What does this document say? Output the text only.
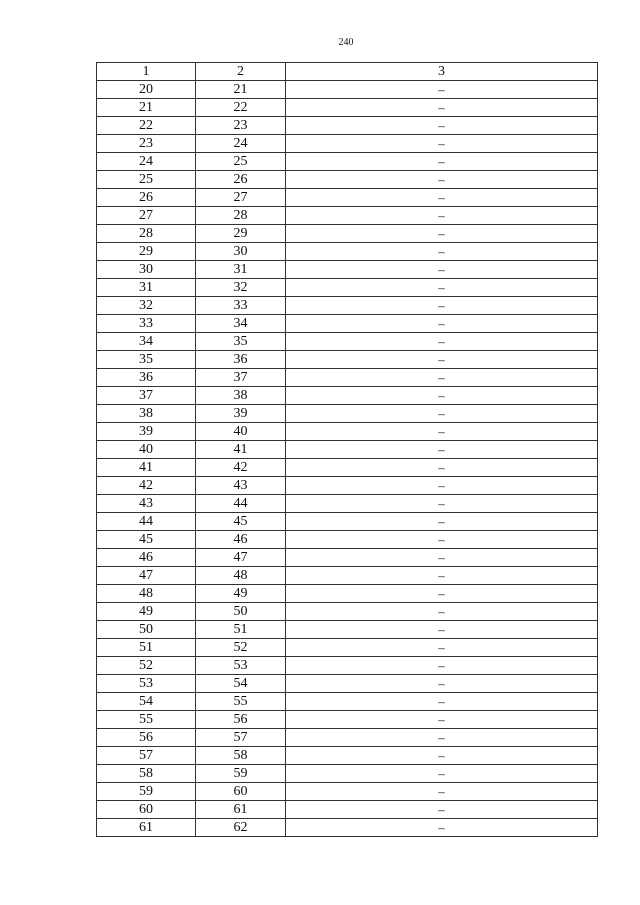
240
1	2	3
20	21	–
21	22	–
22	23	–
23	24	–
24	25	–
25	26	–
26	27	–
27	28	–
28	29	–
29	30	–
30	31	–
31	32	–
32	33	–
33	34	–
34	35	–
35	36	–
36	37	–
37	38	–
38	39	–
39	40	–
40	41	–
41	42	–
42	43	–
43	44	–
44	45	–
45	46	–
46	47	–
47	48	–
48	49	–
49	50	–
50	51	–
51	52	–
52	53	–
53	54	–
54	55	–
55	56	–
56	57	–
57	58	–
58	59	–
59	60	–
60	61	–
61	62	–
